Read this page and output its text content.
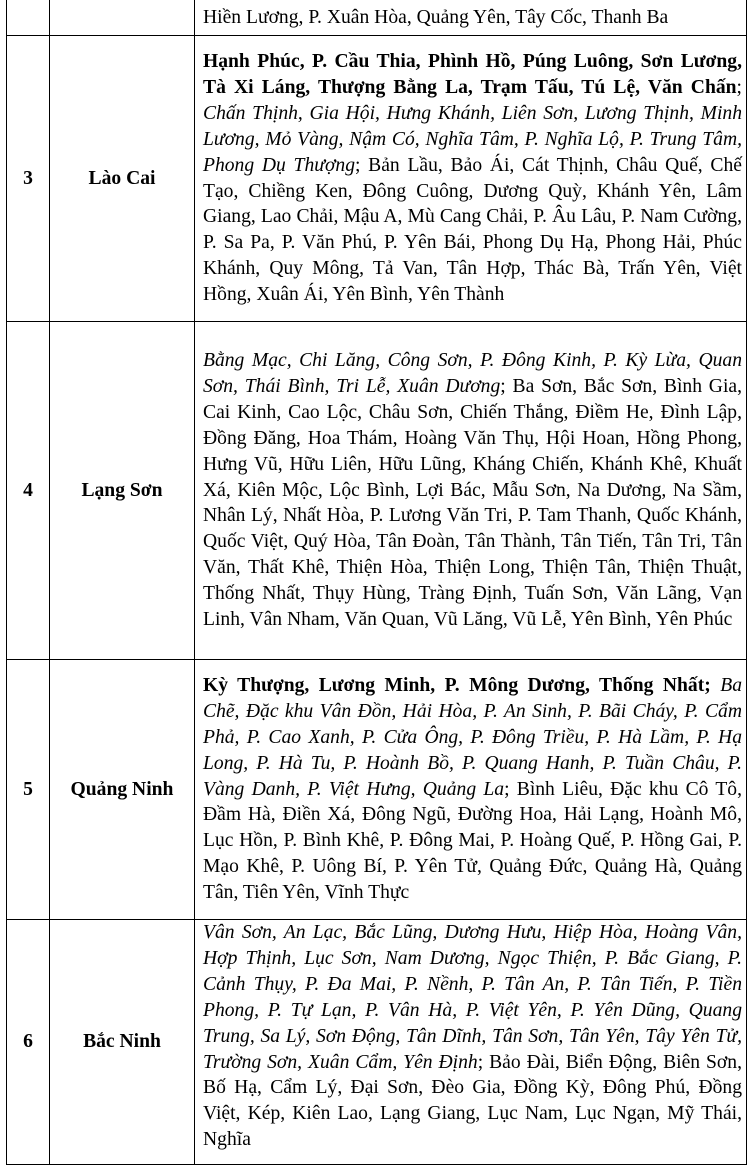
		Hiền Lương, P. Xuân Hòa, Quảng Yên, Tây Cốc, Thanh Ba
3	Lào Cai	Hạnh Phúc, P. Cầu Thia, Phình Hồ, Púng Luông, Sơn Lương, Tà Xi Láng, Thượng Bằng La, Trạm Tấu, Tú Lệ, Văn Chấn; Chấn Thịnh, Gia Hội, Hưng Khánh, Liên Sơn, Lương Thịnh, Minh Lương, Mỏ Vàng, Nậm Có, Nghĩa Tâm, P. Nghĩa Lộ, P. Trung Tâm, Phong Dụ Thượng; Bản Lầu, Bảo Ái, Cát Thịnh, Châu Quế, Chế Tạo, Chiềng Ken, Đông Cuông, Dương Quỳ, Khánh Yên, Lâm Giang, Lao Chải, Mậu A, Mù Cang Chải, P. Âu Lâu, P. Nam Cường, P. Sa Pa, P. Văn Phú, P. Yên Bái, Phong Dụ Hạ, Phong Hải, Phúc Khánh, Quy Mông, Tả Van, Tân Hợp, Thác Bà, Trấn Yên, Việt Hồng, Xuân Ái, Yên Bình, Yên Thành
4	Lạng Sơn	Bằng Mạc, Chi Lăng, Công Sơn, P. Đông Kinh, P. Kỳ Lừa, Quan Sơn, Thái Bình, Tri Lễ, Xuân Dương; Ba Sơn, Bắc Sơn, Bình Gia, Cai Kinh, Cao Lộc, Châu Sơn, Chiến Thắng, Điềm He, Đình Lập, Đồng Đăng, Hoa Thám, Hoàng Văn Thụ, Hội Hoan, Hồng Phong, Hưng Vũ, Hữu Liên, Hữu Lũng, Kháng Chiến, Khánh Khê, Khuất Xá, Kiên Mộc, Lộc Bình, Lợi Bác, Mẫu Sơn, Na Dương, Na Sầm, Nhân Lý, Nhất Hòa, P. Lương Văn Tri, P. Tam Thanh, Quốc Khánh, Quốc Việt, Quý Hòa, Tân Đoàn, Tân Thành, Tân Tiến, Tân Tri, Tân Văn, Thất Khê, Thiện Hòa, Thiện Long, Thiện Tân, Thiện Thuật, Thống Nhất, Thụy Hùng, Tràng Định, Tuấn Sơn, Văn Lãng, Vạn Linh, Vân Nham, Văn Quan, Vũ Lăng, Vũ Lễ, Yên Bình, Yên Phúc
5	Quảng Ninh	Kỳ Thượng, Lương Minh, P. Mông Dương, Thống Nhất; Ba Chẽ, Đặc khu Vân Đồn, Hải Hòa, P. An Sinh, P. Bãi Cháy, P. Cẩm Phả, P. Cao Xanh, P. Cửa Ông, P. Đông Triều, P. Hà Lầm, P. Hạ Long, P. Hà Tu, P. Hoành Bồ, P. Quang Hanh, P. Tuần Châu, P. Vàng Danh, P. Việt Hưng, Quảng La; Bình Liêu, Đặc khu Cô Tô, Đầm Hà, Điền Xá, Đông Ngũ, Đường Hoa, Hải Lạng, Hoành Mô, Lục Hồn, P. Bình Khê, P. Đông Mai, P. Hoàng Quế, P. Hồng Gai, P. Mạo Khê, P. Uông Bí, P. Yên Tử, Quảng Đức, Quảng Hà, Quảng Tân, Tiên Yên, Vĩnh Thực
6	Bắc Ninh	Vân Sơn, An Lạc, Bắc Lũng, Dương Hưu, Hiệp Hòa, Hoàng Vân, Hợp Thịnh, Lục Sơn, Nam Dương, Ngọc Thiện, P. Bắc Giang, P. Cảnh Thụy, P. Đa Mai, P. Nềnh, P. Tân An, P. Tân Tiến, P. Tiền Phong, P. Tự Lạn, P. Vân Hà, P. Việt Yên, P. Yên Dũng, Quang Trung, Sa Lý, Sơn Động, Tân Dĩnh, Tân Sơn, Tân Yên, Tây Yên Tử, Trường Sơn, Xuân Cẩm, Yên Định; Bảo Đài, Biển Động, Biên Sơn, Bố Hạ, Cẩm Lý, Đại Sơn, Đèo Gia, Đồng Kỳ, Đông Phú, Đồng Việt, Kép, Kiên Lao, Lạng Giang, Lục Nam, Lục Ngạn, Mỹ Thái, Nghĩa
